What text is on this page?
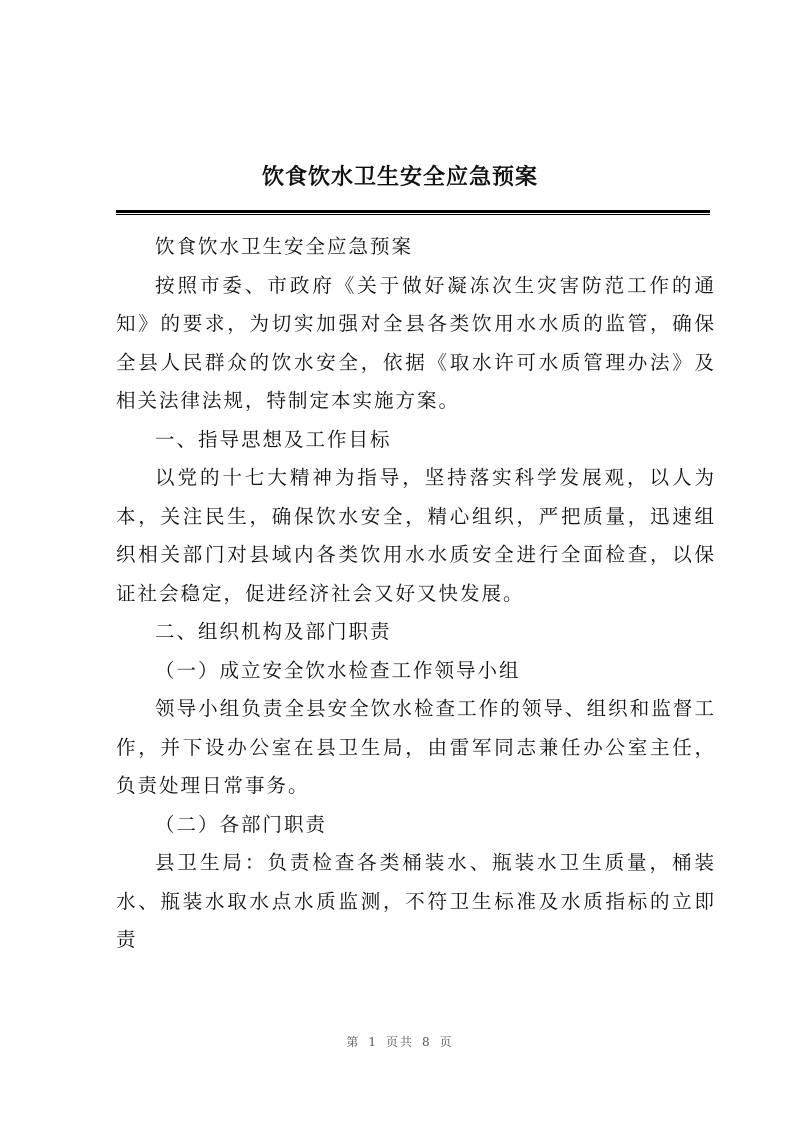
饮食饮水卫生安全应急预案

饮食饮水卫生安全应急预案

按照市委、市政府《关于做好凝冻次生灾害防范工作的通知》的要求，为切实加强对全县各类饮用水水质的监管，确保全县人民群众的饮水安全，依据《取水许可水质管理办法》及相关法律法规，特制定本实施方案。

一、指导思想及工作目标

以党的十七大精神为指导，坚持落实科学发展观，以人为本，关注民生，确保饮水安全，精心组织，严把质量，迅速组织相关部门对县域内各类饮用水水质安全进行全面检查，以保证社会稳定，促进经济社会又好又快发展。

二、组织机构及部门职责

（一）成立安全饮水检查工作领导小组

领导小组负责全县安全饮水检查工作的领导、组织和监督工作，并下设办公室在县卫生局，由雷军同志兼任办公室主任，负责处理日常事务。

（二）各部门职责

县卫生局：负责检查各类桶装水、瓶装水卫生质量，桶装水、瓶装水取水点水质监测，不符卫生标准及水质指标的立即责

第 1 页共 8 页
